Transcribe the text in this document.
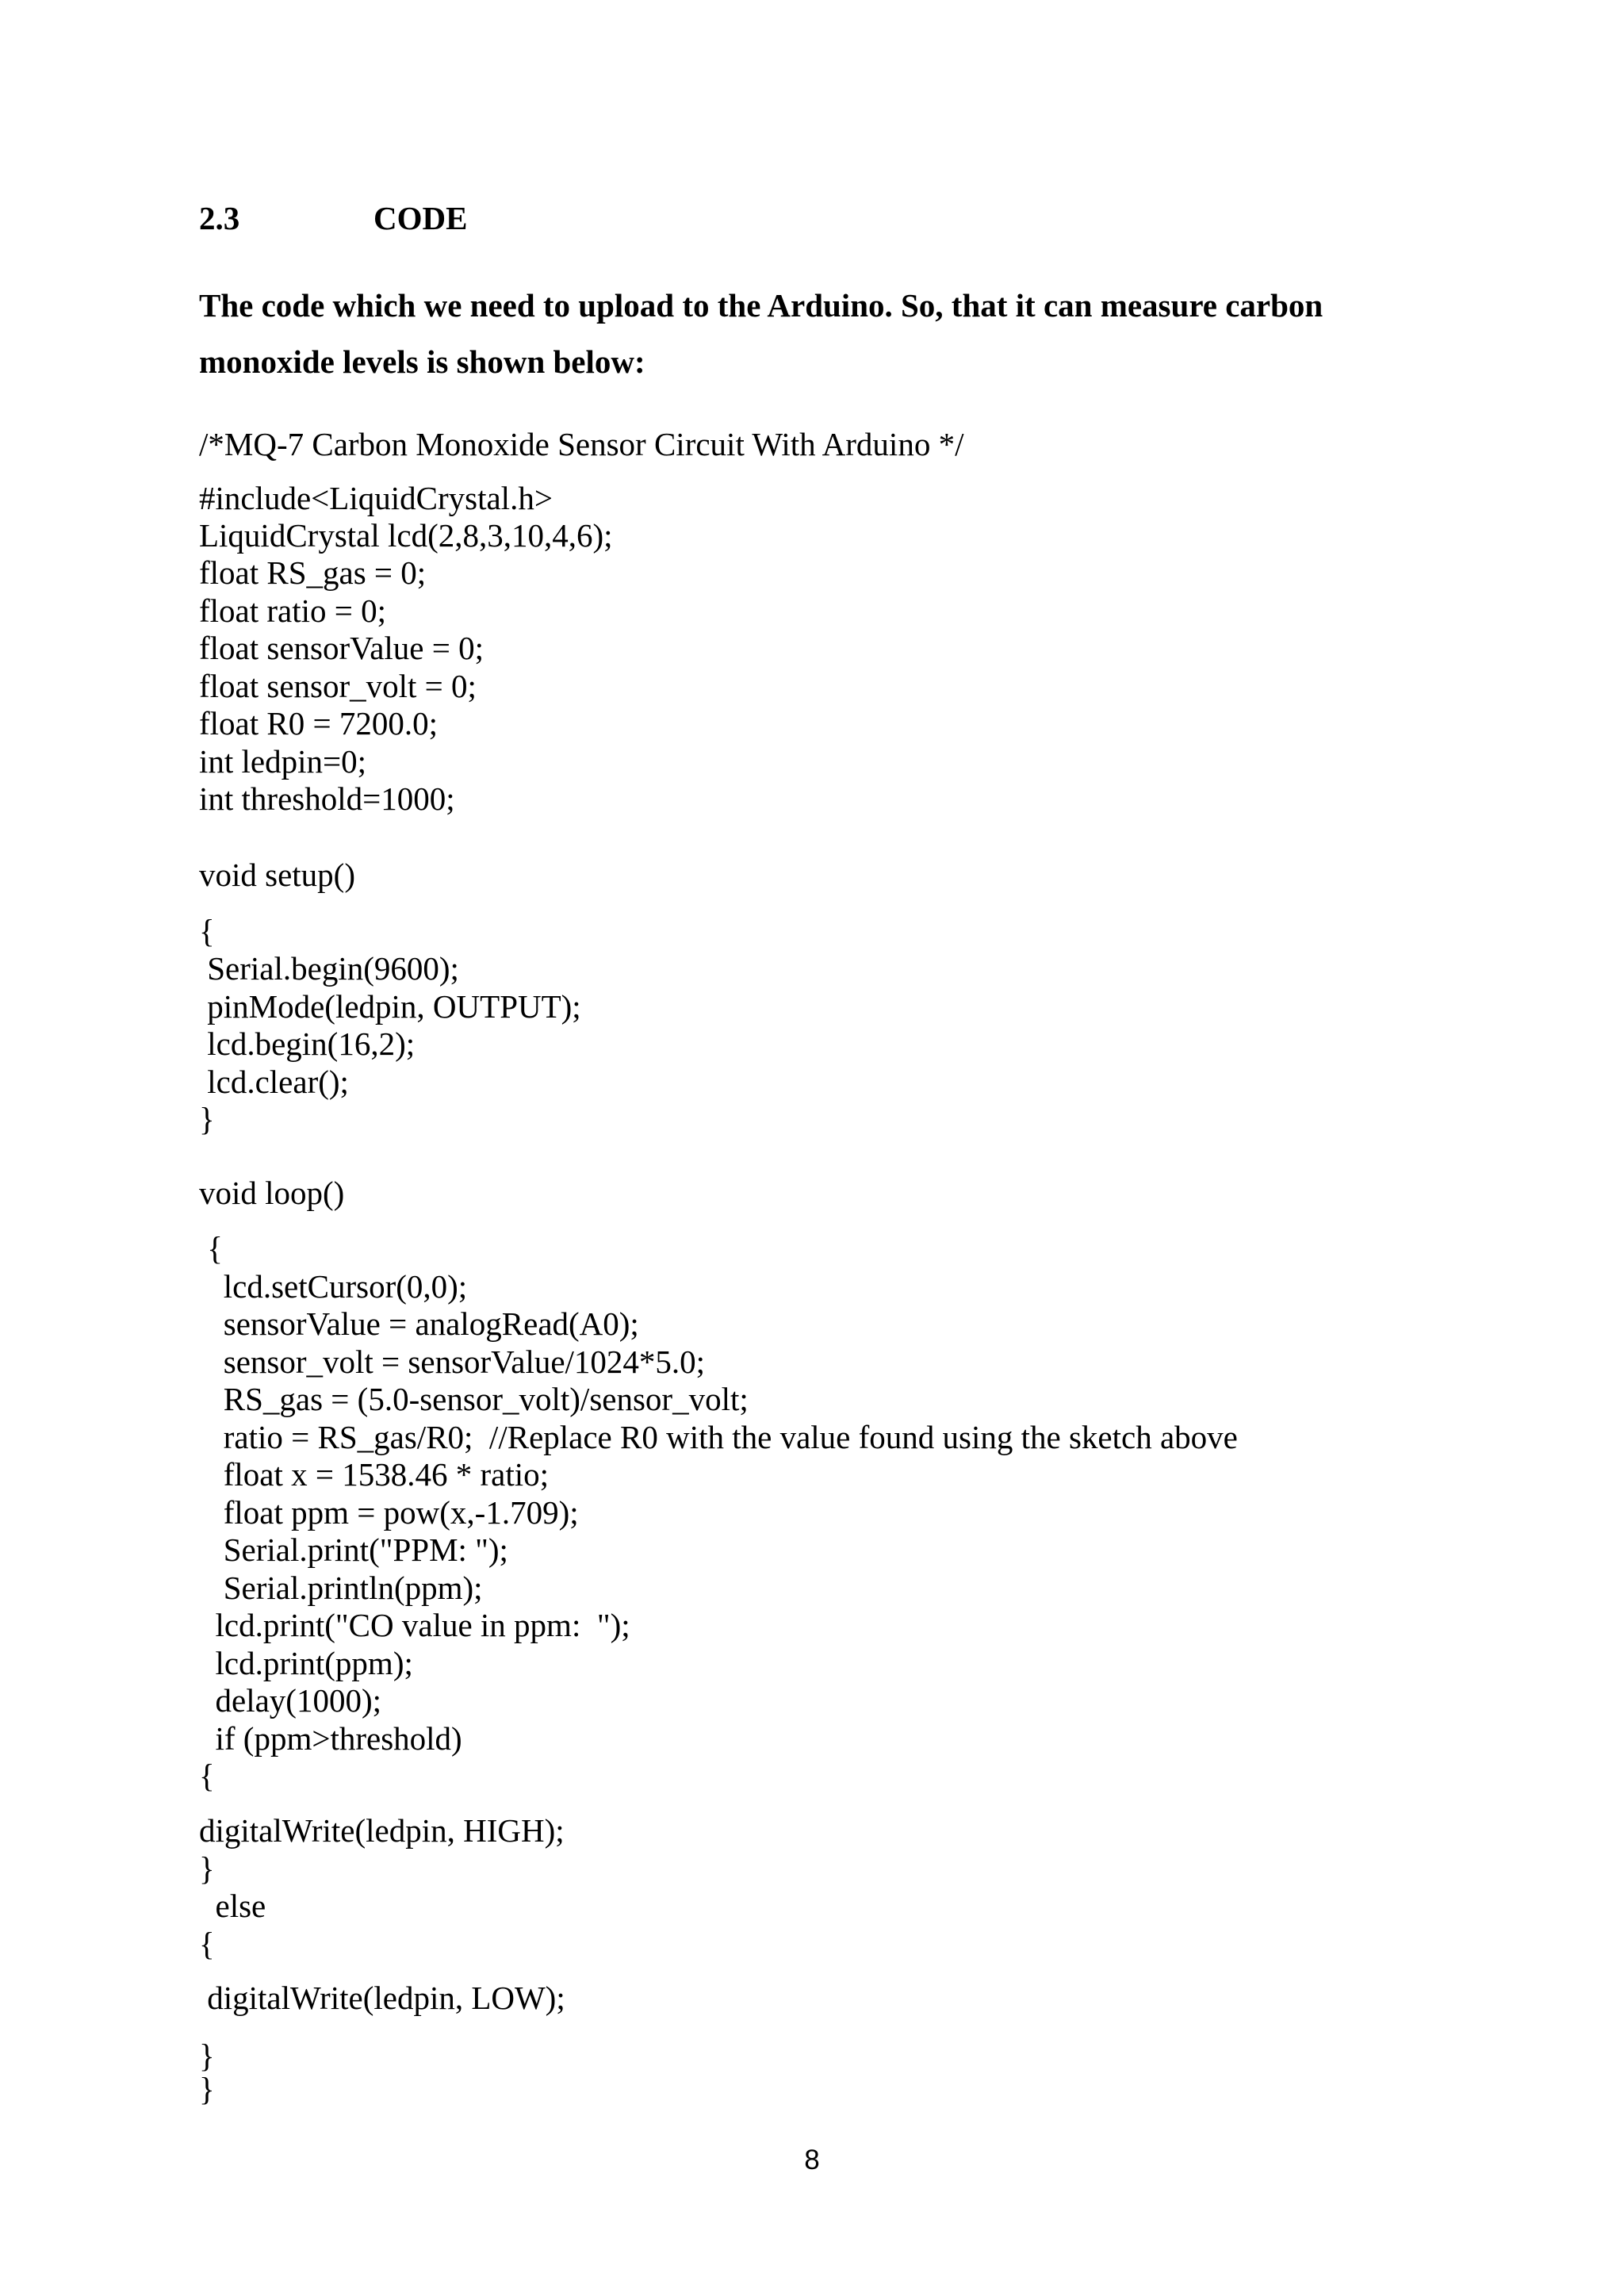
2.3	CODE
The code which we need to upload to the Arduino. So, that it can measure carbon
monoxide levels is shown below:
/*MQ-7 Carbon Monoxide Sensor Circuit With Arduino */
#include<LiquidCrystal.h>
LiquidCrystal lcd(2,8,3,10,4,6);
float RS_gas = 0;
float ratio = 0;
float sensorValue = 0;
float sensor_volt = 0;
float R0 = 7200.0;
int ledpin=0;
int threshold=1000;
void setup()
{
Serial.begin(9600);
pinMode(ledpin, OUTPUT);
lcd.begin(16,2);
lcd.clear();
}
void loop()
{
lcd.setCursor(0,0);
sensorValue = analogRead(A0);
sensor_volt = sensorValue/1024*5.0;
RS_gas = (5.0-sensor_volt)/sensor_volt;
ratio = RS_gas/R0;  //Replace R0 with the value found using the sketch above
float x = 1538.46 * ratio;
float ppm = pow(x,-1.709);
Serial.print("PPM: ");
Serial.println(ppm);
lcd.print("CO value in ppm:  ");
lcd.print(ppm);
delay(1000);
if (ppm>threshold)
{
digitalWrite(ledpin, HIGH);
}
else
{
digitalWrite(ledpin, LOW);
}
}
8
